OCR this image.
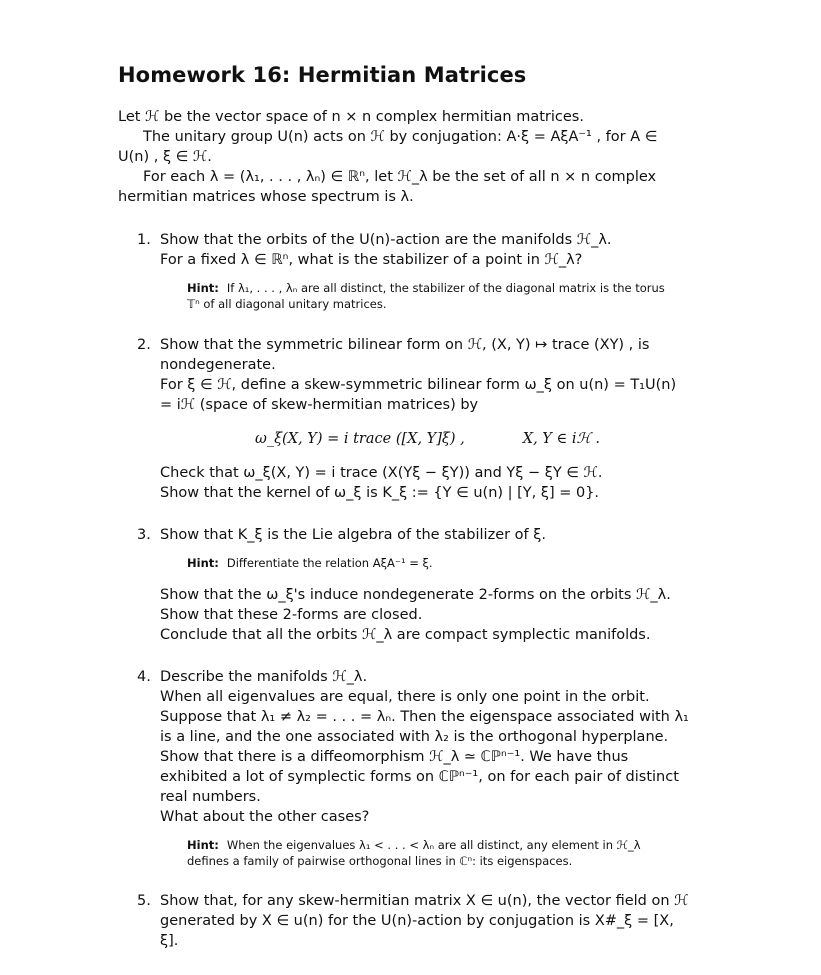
Homework 16: Hermitian Matrices

Let ℋ be the vector space of n × n complex hermitian matrices.

The unitary group U(n) acts on ℋ by conjugation: A·ξ = AξA⁻¹ , for A ∈ U(n) , ξ ∈ ℋ.

For each λ = (λ₁, . . . , λₙ) ∈ ℝⁿ, let ℋ_λ be the set of all n × n complex hermitian matrices whose spectrum is λ.

1. Show that the orbits of the U(n)-action are the manifolds ℋ_λ.
For a fixed λ ∈ ℝⁿ, what is the stabilizer of a point in ℋ_λ?
Hint: If λ₁, . . . , λₙ are all distinct, the stabilizer of the diagonal matrix is the torus 𝕋ⁿ of all diagonal unitary matrices.
2. Show that the symmetric bilinear form on ℋ, (X, Y) ↦ trace (XY) , is nondegenerate.
For ξ ∈ ℋ, define a skew-symmetric bilinear form ω_ξ on u(n) = T₁U(n) = iℋ (space of skew-hermitian matrices) by
ω_ξ(X, Y) = i trace ([X, Y]ξ) ,	X, Y ∈ iℋ .
Check that ω_ξ(X, Y) = i trace (X(Yξ − ξY)) and Yξ − ξY ∈ ℋ.
Show that the kernel of ω_ξ is K_ξ := {Y ∈ u(n) | [Y, ξ] = 0}.
3. Show that K_ξ is the Lie algebra of the stabilizer of ξ.
Hint: Differentiate the relation AξA⁻¹ = ξ.
Show that the ω_ξ's induce nondegenerate 2-forms on the orbits ℋ_λ.
Show that these 2-forms are closed.
Conclude that all the orbits ℋ_λ are compact symplectic manifolds.
4. Describe the manifolds ℋ_λ.
When all eigenvalues are equal, there is only one point in the orbit.
Suppose that λ₁ ≠ λ₂ = . . . = λₙ. Then the eigenspace associated with λ₁ is a line, and the one associated with λ₂ is the orthogonal hyperplane. Show that there is a diffeomorphism ℋ_λ ≃ ℂℙⁿ⁻¹. We have thus exhibited a lot of symplectic forms on ℂℙⁿ⁻¹, on for each pair of distinct real numbers.
What about the other cases?
Hint: When the eigenvalues λ₁ < . . . < λₙ are all distinct, any element in ℋ_λ defines a family of pairwise orthogonal lines in ℂⁿ: its eigenspaces.
5. Show that, for any skew-hermitian matrix X ∈ u(n), the vector field on ℋ generated by X ∈ u(n) for the U(n)-action by conjugation is X#_ξ = [X, ξ].
